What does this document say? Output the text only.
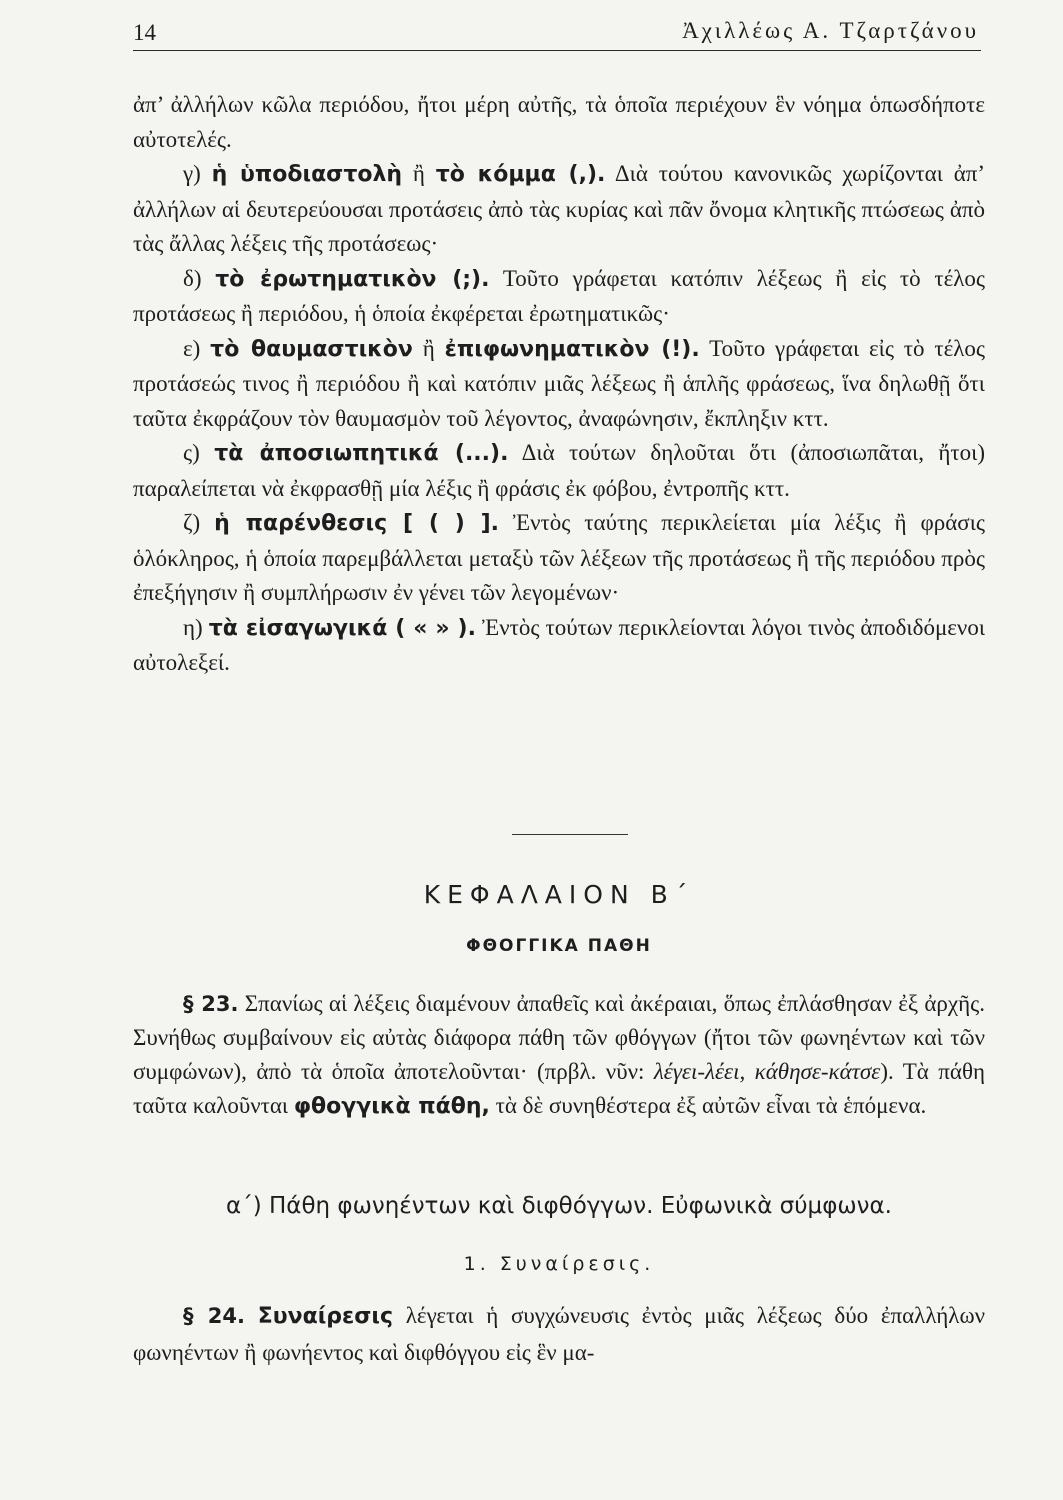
14	Ἀχιλλέως Α. Τζαρτζάνου

ἀπ’ ἀλλήλων κῶλα περιόδου, ἤτοι μέρη αὐτῆς, τὰ ὁποῖα περιέχουν ἓν νόημα ὁπωσδήποτε αὐτοτελές.

γ) ἡ ὑποδιαστολὴ ἢ τὸ κόμμα (,). Διὰ τούτου κανονικῶς χωρίζονται ἀπ’ ἀλλήλων αἱ δευτερεύουσαι προτάσεις ἀπὸ τὰς κυρίας καὶ πᾶν ὄνομα κλητικῆς πτώσεως ἀπὸ τὰς ἄλλας λέξεις τῆς προτάσεως·

δ) τὸ ἐρωτηματικὸν (;). Τοῦτο γράφεται κατόπιν λέξεως ἢ εἰς τὸ τέλος προτάσεως ἢ περιόδου, ἡ ὁποία ἐκφέρεται ἐρωτηματικῶς·

ε) τὸ θαυμαστικὸν ἢ ἐπιφωνηματικὸν (!). Τοῦτο γράφεται εἰς τὸ τέλος προτάσεώς τινος ἢ περιόδου ἢ καὶ κατόπιν μιᾶς λέξεως ἢ ἁπλῆς φράσεως, ἵνα δηλωθῇ ὅτι ταῦτα ἐκφράζουν τὸν θαυμασμὸν τοῦ λέγοντος, ἀναφώνησιν, ἔκπληξιν κττ.

ς) τὰ ἀποσιωπητικά (...). Διὰ τούτων δηλοῦται ὅτι (ἀποσιωπᾶται, ἤτοι) παραλείπεται νὰ ἐκφρασθῇ μία λέξις ἢ φράσις ἐκ φόβου, ἐντροπῆς κττ.

ζ) ἡ παρένθεσις [ ( ) ]. Ἐντὸς ταύτης περικλείεται μία λέξις ἢ φράσις ὁλόκληρος, ἡ ὁποία παρεμβάλλεται μεταξὺ τῶν λέξεων τῆς προτάσεως ἢ τῆς περιόδου πρὸς ἐπεξήγησιν ἢ συμπλήρωσιν ἐν γένει τῶν λεγομένων·

η) τὰ εἰσαγωγικά ( « » ). Ἐντὸς τούτων περικλείονται λόγοι τινὸς ἀποδιδόμενοι αὐτολεξεί.

ΚΕΦΑΛΑΙΟΝ Β΄
ΦΘΟΓΓΙΚΑ ΠΑΘΗ

§ 23. Σπανίως αἱ λέξεις διαμένουν ἀπαθεῖς καὶ ἀκέραιαι, ὅπως ἐπλάσθησαν ἐξ ἀρχῆς. Συνήθως συμβαίνουν εἰς αὐτὰς διάφορα πάθη τῶν φθόγγων (ἤτοι τῶν φωνηέντων καὶ τῶν συμφώνων), ἀπὸ τὰ ὁποῖα ἀποτελοῦνται· (πρβλ. νῦν: λέγει-λέει, κάθησε-κάτσε). Τὰ πάθη ταῦτα καλοῦνται φθογγικὰ πάθη, τὰ δὲ συνηθέστερα ἐξ αὐτῶν εἶναι τὰ ἑπόμενα.

α΄) Πάθη φωνηέντων καὶ διφθόγγων. Εὐφωνικὰ σύμφωνα.
1. Συναίρεσις.

§ 24. Συναίρεσις λέγεται ἡ συγχώνευσις ἐντὸς μιᾶς λέξεως δύο ἐπαλλήλων φωνηέντων ἢ φωνήεντος καὶ διφθόγγου εἰς ἓν μα-
